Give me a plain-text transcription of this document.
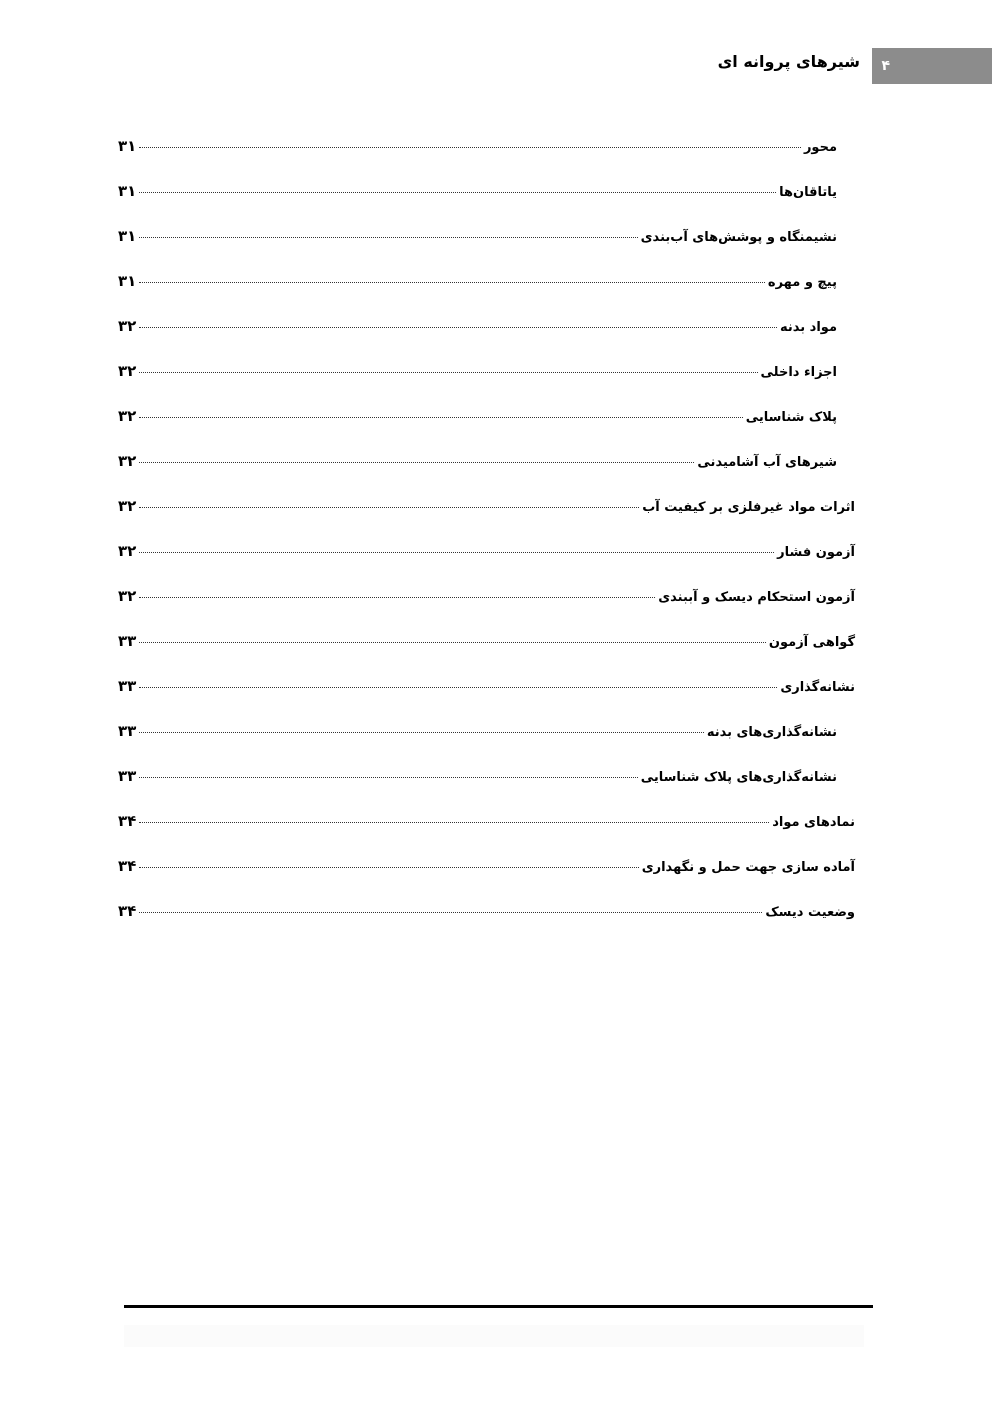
شیرهای پروانه ای	۴
محور
۳۱
یاتاقان‌ها
۳۱
نشیمنگاه و پوشش‌های آب‌بندی
۳۱
پیچ و مهره
۳۱
مواد بدنه
۳۲
اجزاء داخلی
۳۲
پلاک شناسایی
۳۲
شیرهای آب آشامیدنی
۳۲
اثرات مواد غیرفلزی بر کیفیت آب
۳۲
آزمون فشار
۳۲
آزمون استحکام دیسک و آببندی
۳۲
گواهی آزمون
۳۳
نشانه‌گذاری
۳۳
نشانه‌گذاری‌های بدنه
۳۳
نشانه‌گذاری‌های پلاک شناسایی
۳۳
نمادهای مواد
۳۴
آماده سازی جهت حمل و نگهداری
۳۴
وضعیت دیسک
۳۴
